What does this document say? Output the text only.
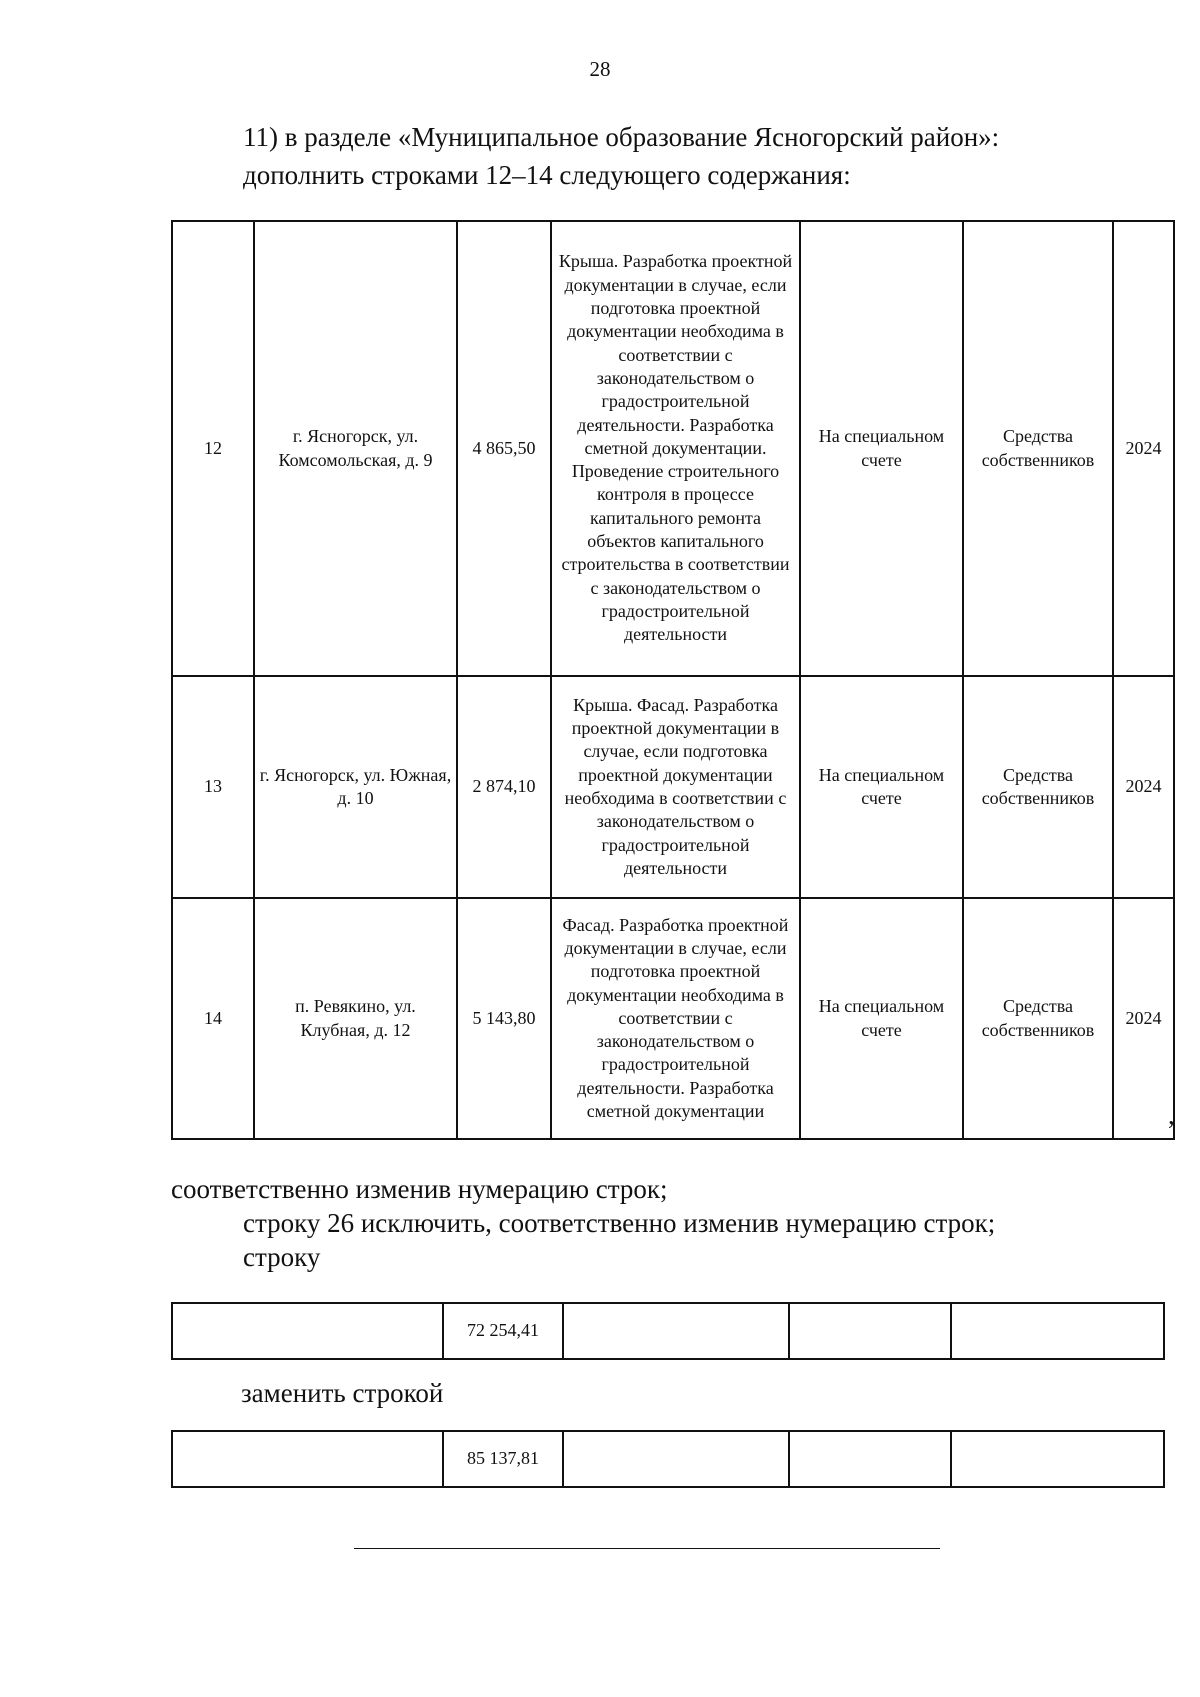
28
11) в разделе «Муниципальное образование Ясногорский район»:
дополнить строками 12–14 следующего содержания:
12	г. Ясногорск, ул. Комсомольская, д. 9	4 865,50	Крыша. Разработка проектной документации в случае, если подготовка проектной документации необходима в соответствии с законодательством о градостроительной деятельности. Разработка сметной документации. Проведение строительного контроля в процессе капитального ремонта объектов капитального строительства в соответствии с законодательством о градостроительной деятельности	На специальном счете	Средства собственников	2024
13	г. Ясногорск, ул. Южная, д. 10	2 874,10	Крыша. Фасад. Разработка проектной документации в случае, если подготовка проектной документации необходима в соответствии с законодательством о градостроительной деятельности	На специальном счете	Средства собственников	2024
14	п. Ревякино, ул. Клубная, д. 12	5 143,80	Фасад. Разработка проектной документации в случае, если подготовка проектной документации необходима в соответствии с законодательством о градостроительной деятельности. Разработка сметной документации	На специальном счете	Средства собственников	2024
,
соответственно изменив нумерацию строк;
строку 26 исключить, соответственно изменив нумерацию строк;
строку
	72 254,41			
заменить строкой
	85 137,81			
